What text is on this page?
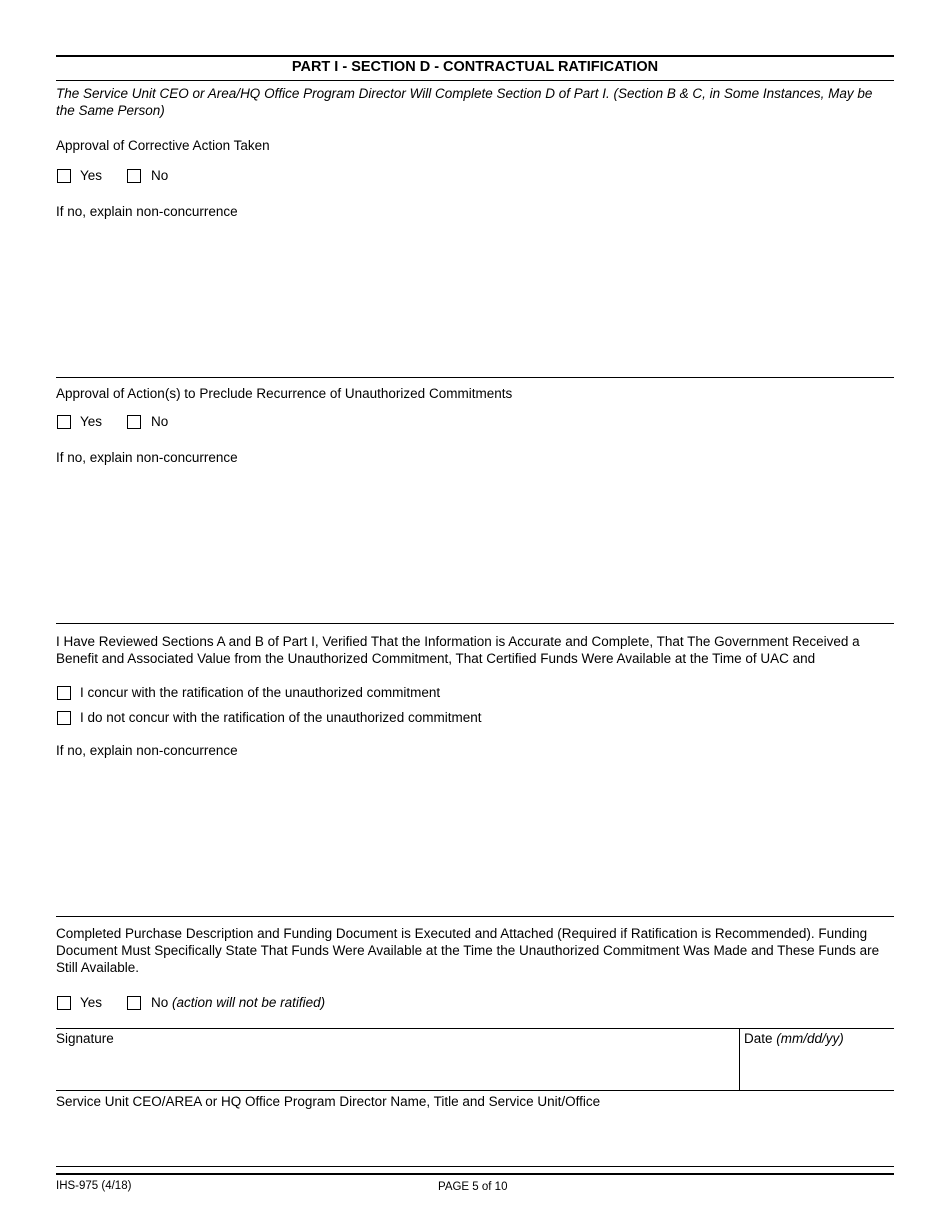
PART I - SECTION D - CONTRACTUAL RATIFICATION
The Service Unit CEO or Area/HQ Office Program Director Will Complete Section D of Part I. (Section B & C, in Some Instances, May be the Same Person)
Approval of Corrective Action Taken
Yes	No
If no, explain non-concurrence
Approval of Action(s) to Preclude Recurrence of Unauthorized Commitments
Yes	No
If no, explain non-concurrence
I Have Reviewed Sections A and B of Part I, Verified That the Information is Accurate and Complete, That The Government Received a Benefit and Associated Value from the Unauthorized Commitment, That Certified Funds Were Available at the Time of UAC and
I concur with the ratification of the unauthorized commitment
I do not concur with the ratification of the unauthorized commitment
If no, explain non-concurrence
Completed Purchase Description and Funding Document is Executed and Attached (Required if Ratification is Recommended). Funding Document Must Specifically State That Funds Were Available at the Time the Unauthorized Commitment Was Made and These Funds are Still Available.
Yes	No (action will not be ratified)
Signature	Date (mm/dd/yy)
Service Unit CEO/AREA or HQ Office Program Director Name, Title and Service Unit/Office
IHS-975 (4/18)	PAGE 5 of 10
